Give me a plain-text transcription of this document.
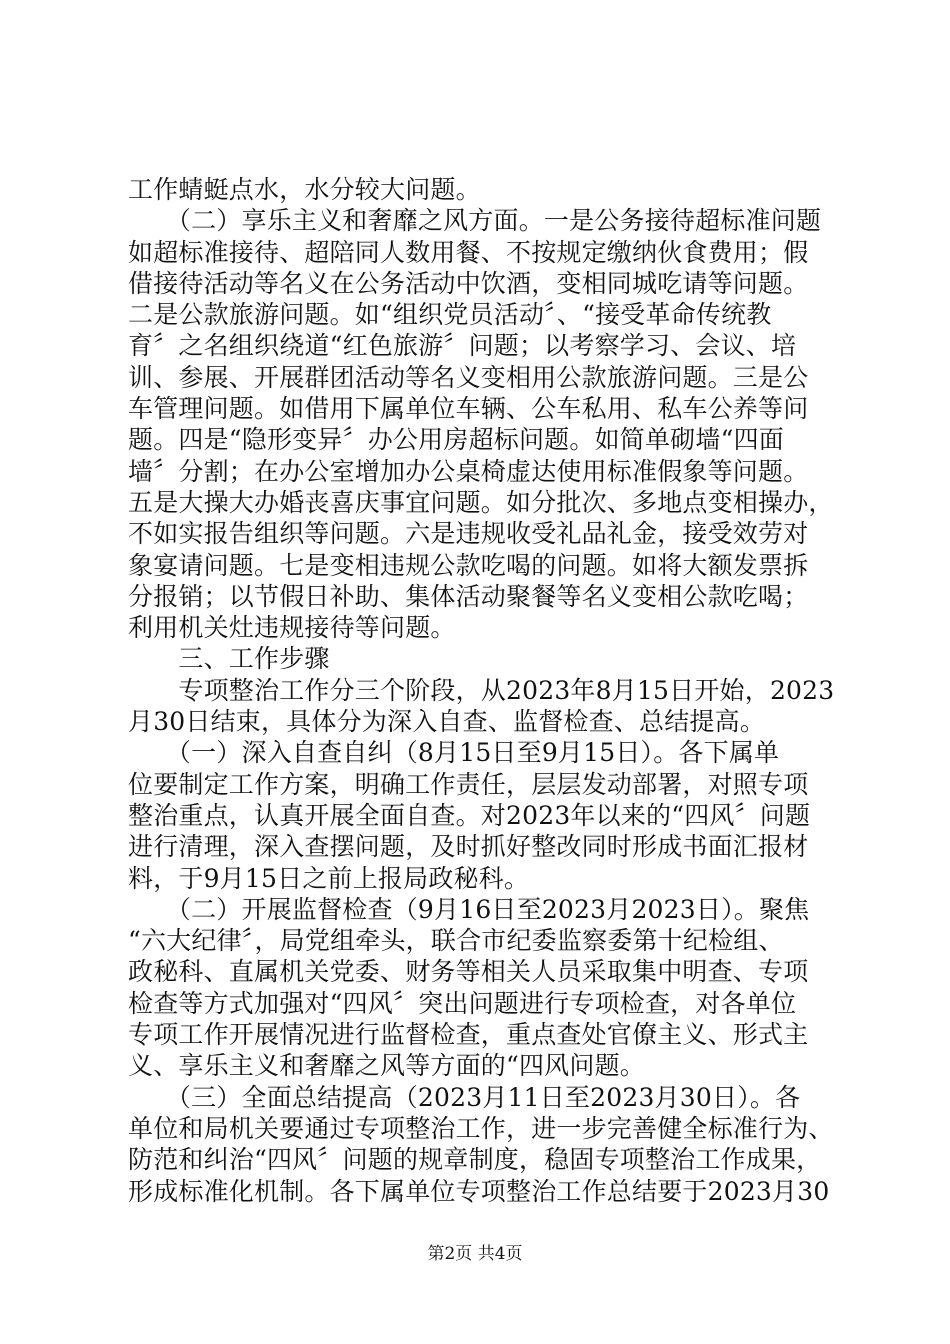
工作蜻蜓点水，水分较大问题。
　　（二）享乐主义和奢靡之风方面。一是公务接待超标准问题
如超标准接待、超陪同人数用餐、不按规定缴纳伙食费用；假
借接待活动等名义在公务活动中饮酒，变相同城吃请等问题。
二是公款旅游问题。如“组织党员活动〞、“接受革命传统教
育〞之名组织绕道“红色旅游〞问题；以考察学习、会议、培
训、参展、开展群团活动等名义变相用公款旅游问题。三是公
车管理问题。如借用下属单位车辆、公车私用、私车公养等问
题。四是“隐形变异〞办公用房超标问题。如简单砌墙“四面
墙〞分割；在办公室增加办公桌椅虚达使用标准假象等问题。
五是大操大办婚丧喜庆事宜问题。如分批次、多地点变相操办，
不如实报告组织等问题。六是违规收受礼品礼金，接受效劳对
象宴请问题。七是变相违规公款吃喝的问题。如将大额发票拆
分报销；以节假日补助、集体活动聚餐等名义变相公款吃喝；
利用机关灶违规接待等问题。
　　三、工作步骤
　　专项整治工作分三个阶段，从2023年8月15日开始，2023
月30日结束，具体分为深入自查、监督检查、总结提高。
　　（一）深入自查自纠（8月15日至9月15日）。各下属单
位要制定工作方案，明确工作责任，层层发动部署，对照专项
整治重点，认真开展全面自查。对2023年以来的“四风〞问题
进行清理，深入查摆问题，及时抓好整改同时形成书面汇报材
料，于9月15日之前上报局政秘科。
　　（二）开展监督检查（9月16日至2023月2023日）。聚焦
“六大纪律〞，局党组牵头，联合市纪委监察委第十纪检组、
政秘科、直属机关党委、财务等相关人员采取集中明查、专项
检查等方式加强对“四风〞突出问题进行专项检查，对各单位
专项工作开展情况进行监督检查，重点查处官僚主义、形式主
义、享乐主义和奢靡之风等方面的“四风问题。
　　（三）全面总结提高（2023月11日至2023月30日）。各
单位和局机关要通过专项整治工作，进一步完善健全标准行为、
防范和纠治“四风〞问题的规章制度，稳固专项整治工作成果，
形成标准化机制。各下属单位专项整治工作总结要于2023月30
第2页 共4页
